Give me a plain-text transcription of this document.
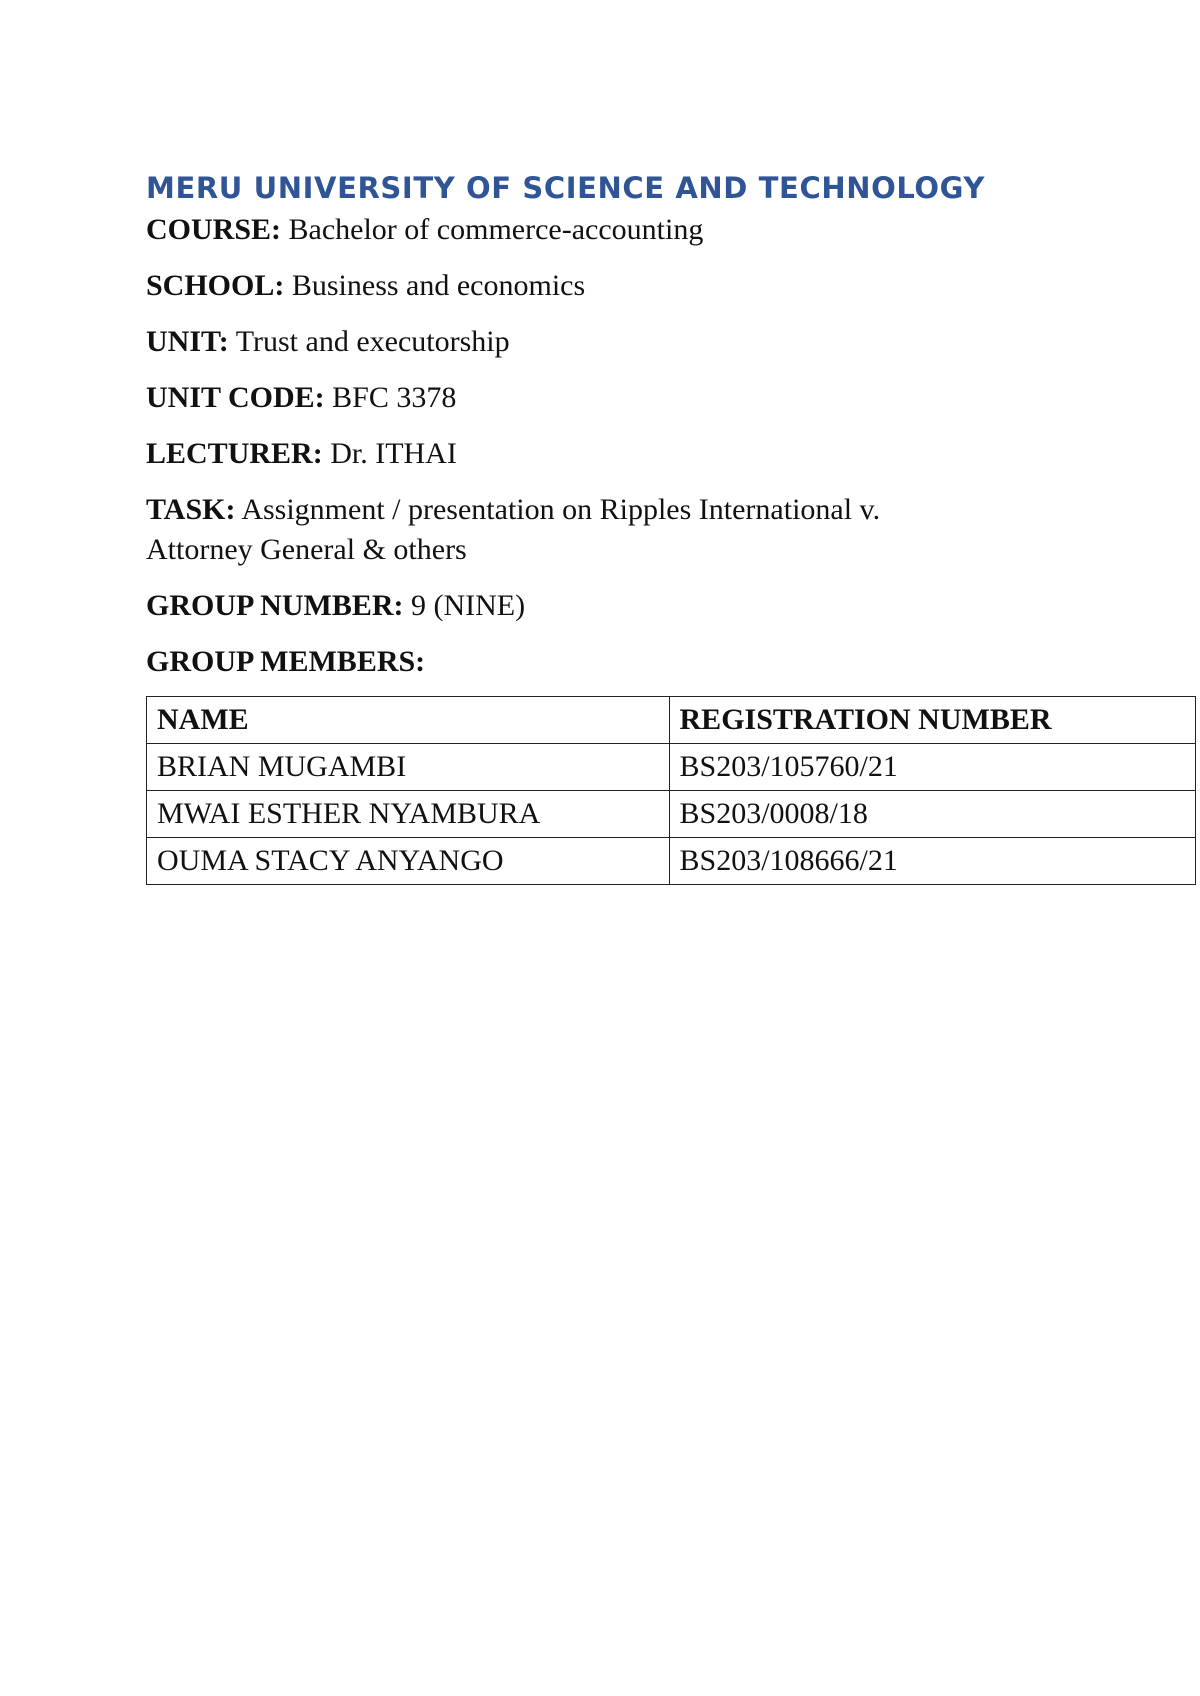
MERU UNIVERSITY OF SCIENCE AND TECHNOLOGY
COURSE: Bachelor of commerce-accounting
SCHOOL: Business and economics
UNIT: Trust and executorship
UNIT CODE: BFC 3378
LECTURER: Dr. ITHAI
TASK: Assignment / presentation on Ripples International v.
Attorney General & others
GROUP NUMBER: 9 (NINE)
GROUP MEMBERS:
NAME	REGISTRATION NUMBER
BRIAN MUGAMBI	BS203/105760/21
MWAI ESTHER NYAMBURA	BS203/0008/18
OUMA STACY ANYANGO	BS203/108666/21
